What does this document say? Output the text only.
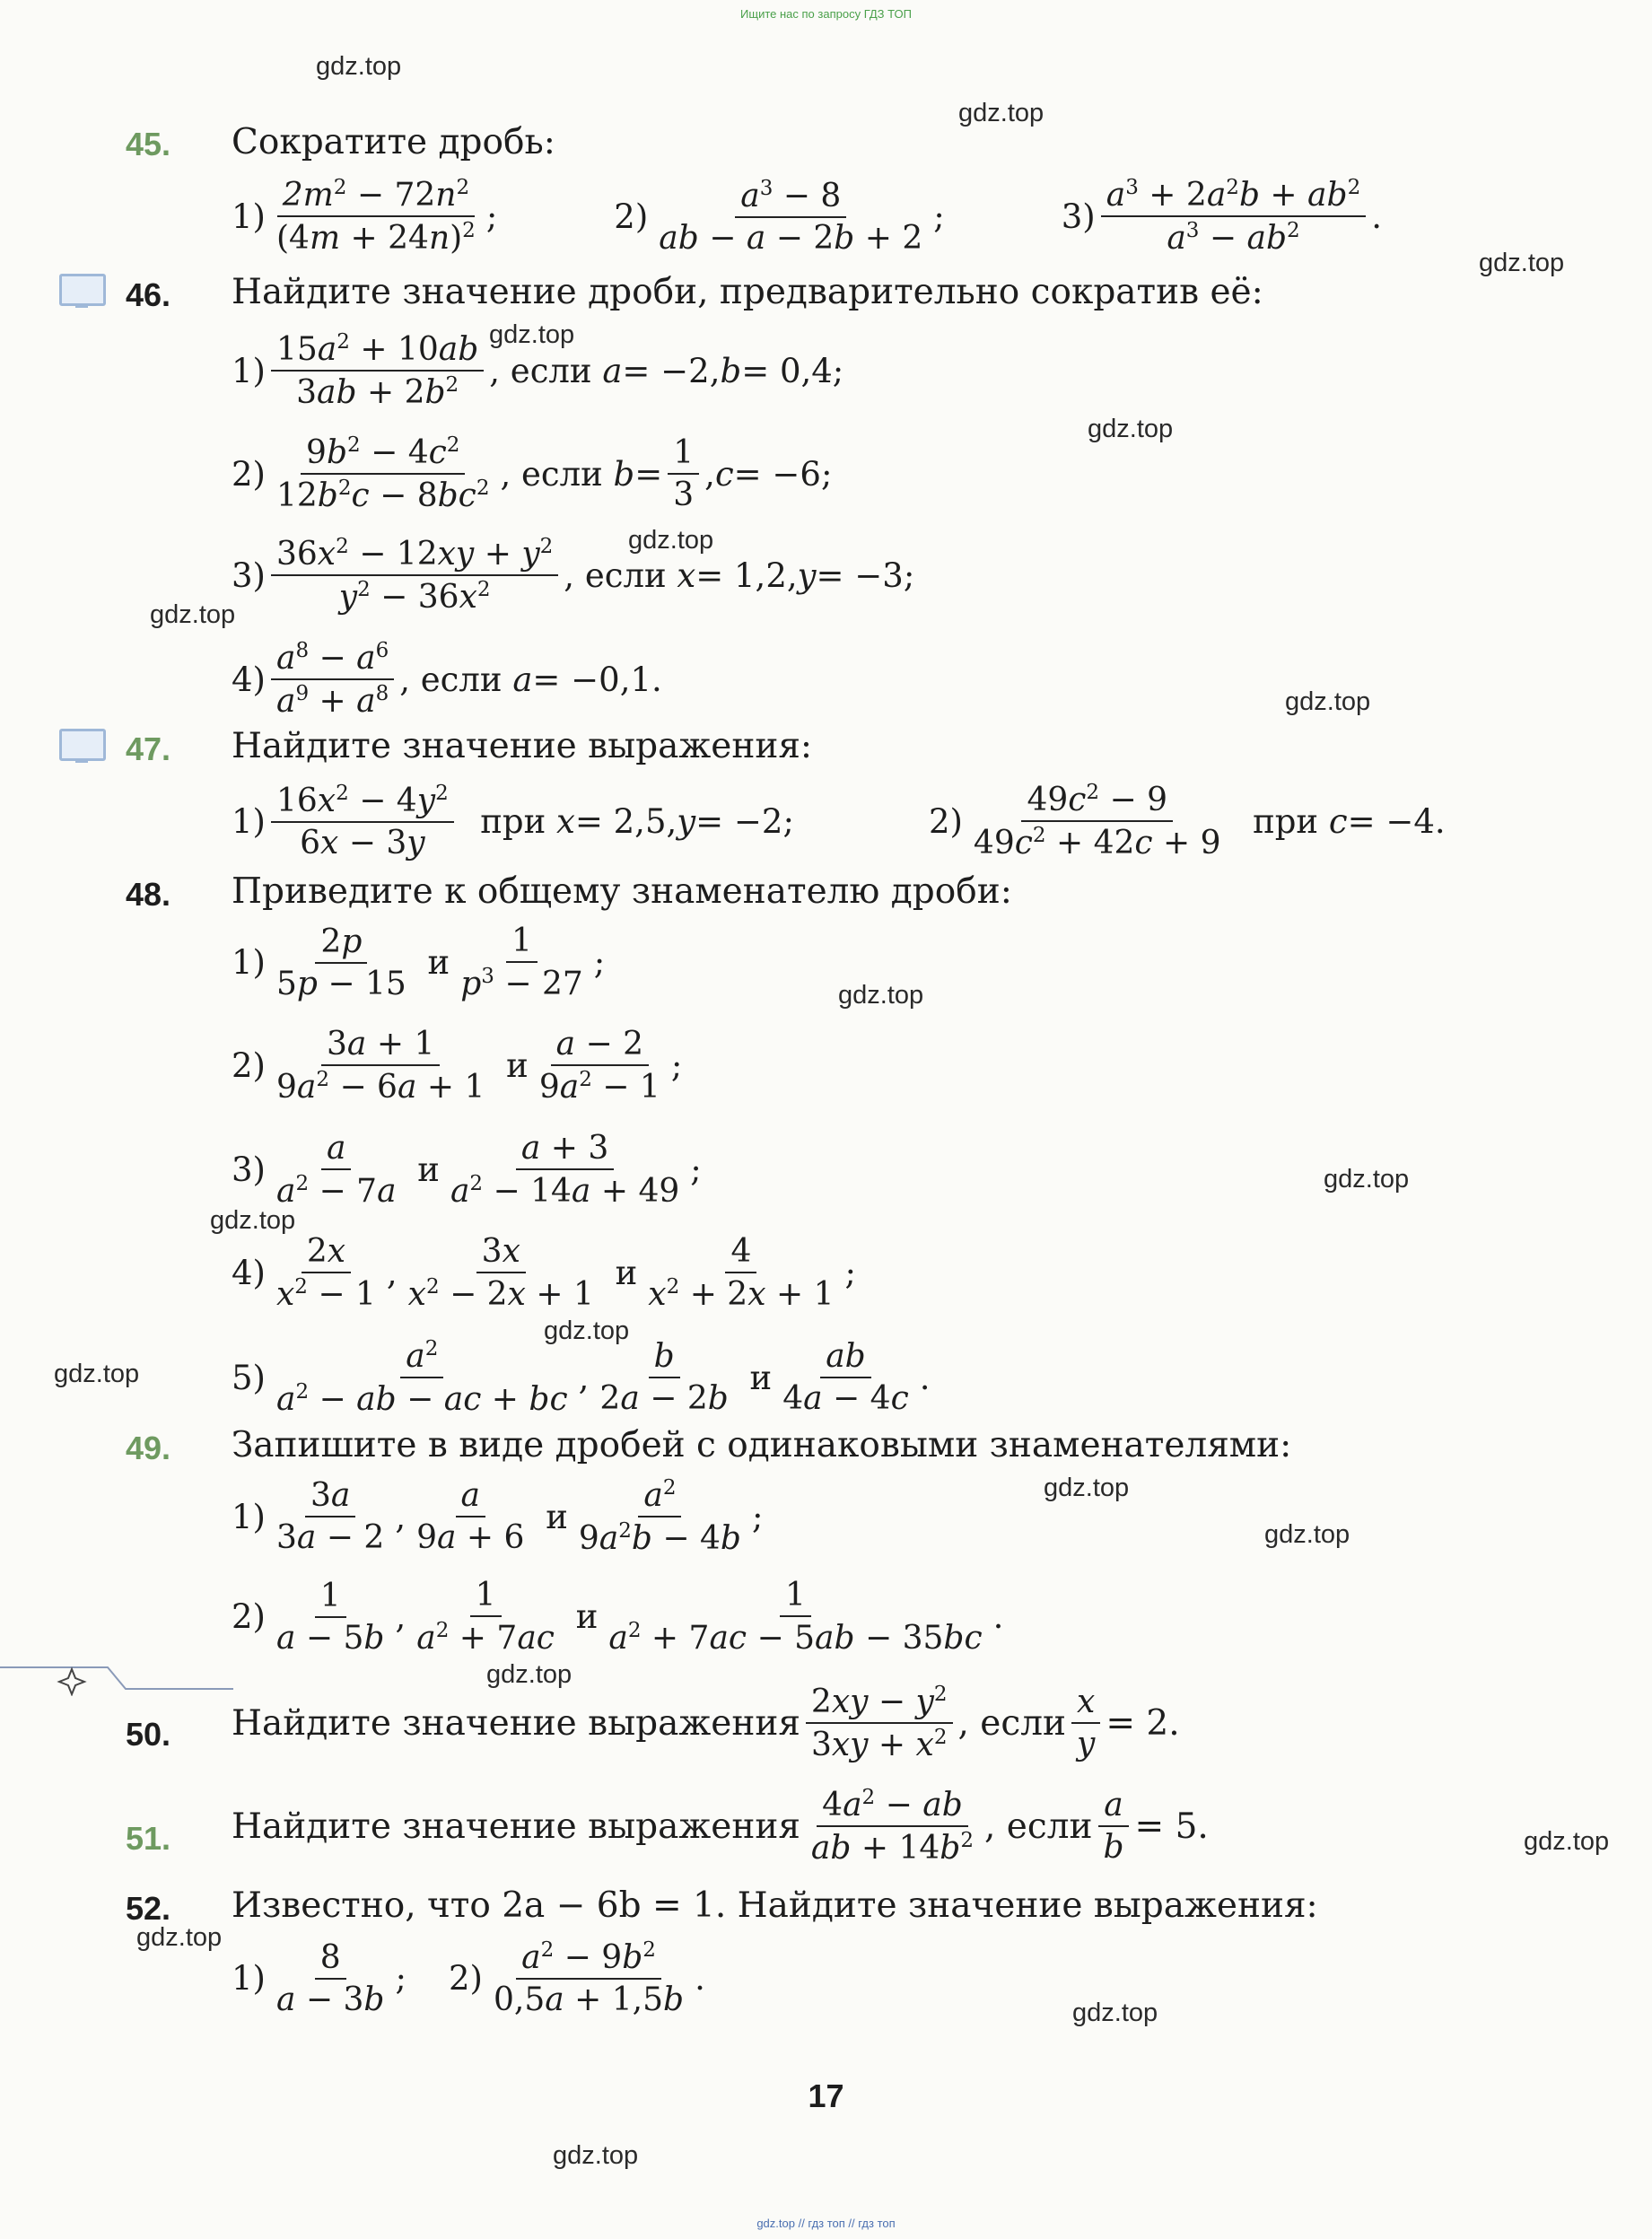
Ищите нас по запросу ГДЗ ТОП
gdz.top
gdz.top
gdz.top
gdz.top
gdz.top
gdz.top
gdz.top
gdz.top
gdz.top
gdz.top
gdz.top
gdz.top
gdz.top
gdz.top
gdz.top
gdz.top
gdz.top
gdz.top
gdz.top
gdz.top
45. Сократите дробь:
$1) \frac{2m^2 - 72n^2}{(4m + 24n)^2}$ ;	$2) \frac{a^3 - 8}{ab - a - 2b + 2}$ ;	$3) \frac{a^3 + 2a^2b + ab^2}{a^3 - ab^2}$ .
46. Найдите значение дроби, предварительно сократив её:
$1) \frac{15a^2 + 10ab}{3ab + 2b^2}$ , если a = −2, b = 0,4;
$2) \frac{9b^2 - 4c^2}{12b^2c - 8bc^2}$ , если $b = \frac{1}{3}$ , c = −6;
$3) \frac{36x^2 - 12xy + y^2}{y^2 - 36x^2}$ , если x = 1,2, y = −3;
$4) \frac{a^8 - a^6}{a^9 + a^8}$ , если a = −0,1.
47. Найдите значение выражения:
$1) \frac{16x^2 - 4y^2}{6x - 3y}$ при x = 2,5, y = −2;	$2) \frac{49c^2 - 9}{49c^2 + 42c + 9}$ при c = −4.
48. Приведите к общему знаменателю дроби:
$1) \frac{2p}{5p - 15}$ и $\frac{1}{p^3 - 27}$ ;
$2) \frac{3a + 1}{9a^2 - 6a + 1}$ и $\frac{a - 2}{9a^2 - 1}$ ;
$3) \frac{a}{a^2 - 7a}$ и $\frac{a + 3}{a^2 - 14a + 49}$ ;
$4) \frac{2x}{x^2 - 1}$ , $\frac{3x}{x^2 - 2x + 1}$ и $\frac{4}{x^2 + 2x + 1}$ ;
$5) \frac{a^2}{a^2 - ab - ac + bc}$ , $\frac{b}{2a - 2b}$ и $\frac{ab}{4a - 4c}$ .
49. Запишите в виде дробей с одинаковыми знаменателями:
$1) \frac{3a}{3a - 2}$ , $\frac{a}{9a + 6}$ и $\frac{a^2}{9a^2b - 4b}$ ;
$2) \frac{1}{a - 5b}$ , $\frac{1}{a^2 + 7ac}$ и $\frac{1}{a^2 + 7ac - 5ab - 35bc}$ .
50. Найдите значение выражения $\frac{2xy - y^2}{3xy + x^2}$ , если $\frac{x}{y} = 2$.
51. Найдите значение выражения $\frac{4a^2 - ab}{ab + 14b^2}$ , если $\frac{a}{b} = 5$.
52. Известно, что 2a − 6b = 1. Найдите значение выражения:
$1) \frac{8}{a - 3b}$ ;    $2) \frac{a^2 - 9b^2}{0,5a + 1,5b}$ .
17
gdz.top // гдз топ // гдз топ
